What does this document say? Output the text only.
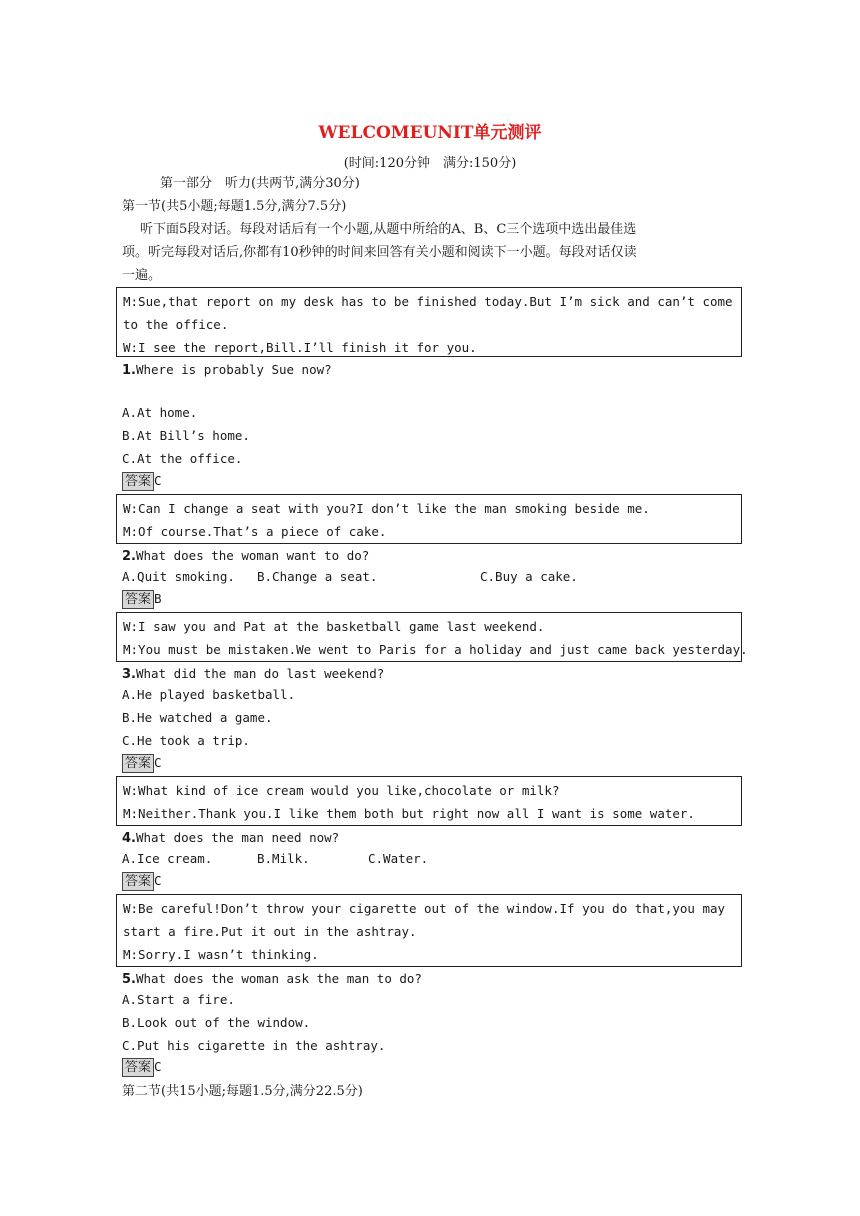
WELCOMEUNIT单元测评
(时间:120分钟　满分:150分)
第一部分　听力(共两节,满分30分)
第一节(共5小题;每题1.5分,满分7.5分)
听下面5段对话。每段对话后有一个小题,从题中所给的A、B、C三个选项中选出最佳选
项。听完每段对话后,你都有10秒钟的时间来回答有关小题和阅读下一小题。每段对话仅读
一遍。
M:Sue,that report on my desk has to be finished today.But I’m sick and can’t come
to the office.
W:I see the report,Bill.I’ll finish it for you.
1.Where is probably Sue now?
A.At home.
B.At Bill’s home.
C.At the office.
答案 C
W:Can I change a seat with you?I don’t like the man smoking beside me.
M:Of course.That’s a piece of cake.
2.What does the woman want to do?
A.Quit smoking. B.Change a seat.	C.Buy a cake.
答案 B
W:I saw you and Pat at the basketball game last weekend.
M:You must be mistaken.We went to Paris for a holiday and just came back yesterday.
3.What did the man do last weekend?
A.He played basketball.
B.He watched a game.
C.He took a trip.
答案 C
W:What kind of ice cream would you like,chocolate or milk?
M:Neither.Thank you.I like them both but right now all I want is some water.
4.What does the man need now?
A.Ice cream.	B.Milk.	C.Water.
答案 C
W:Be careful!Don’t throw your cigarette out of the window.If you do that,you may
start a fire.Put it out in the ashtray.
M:Sorry.I wasn’t thinking.
5.What does the woman ask the man to do?
A.Start a fire.
B.Look out of the window.
C.Put his cigarette in the ashtray.
答案 C
第二节(共15小题;每题1.5分,满分22.5分)
